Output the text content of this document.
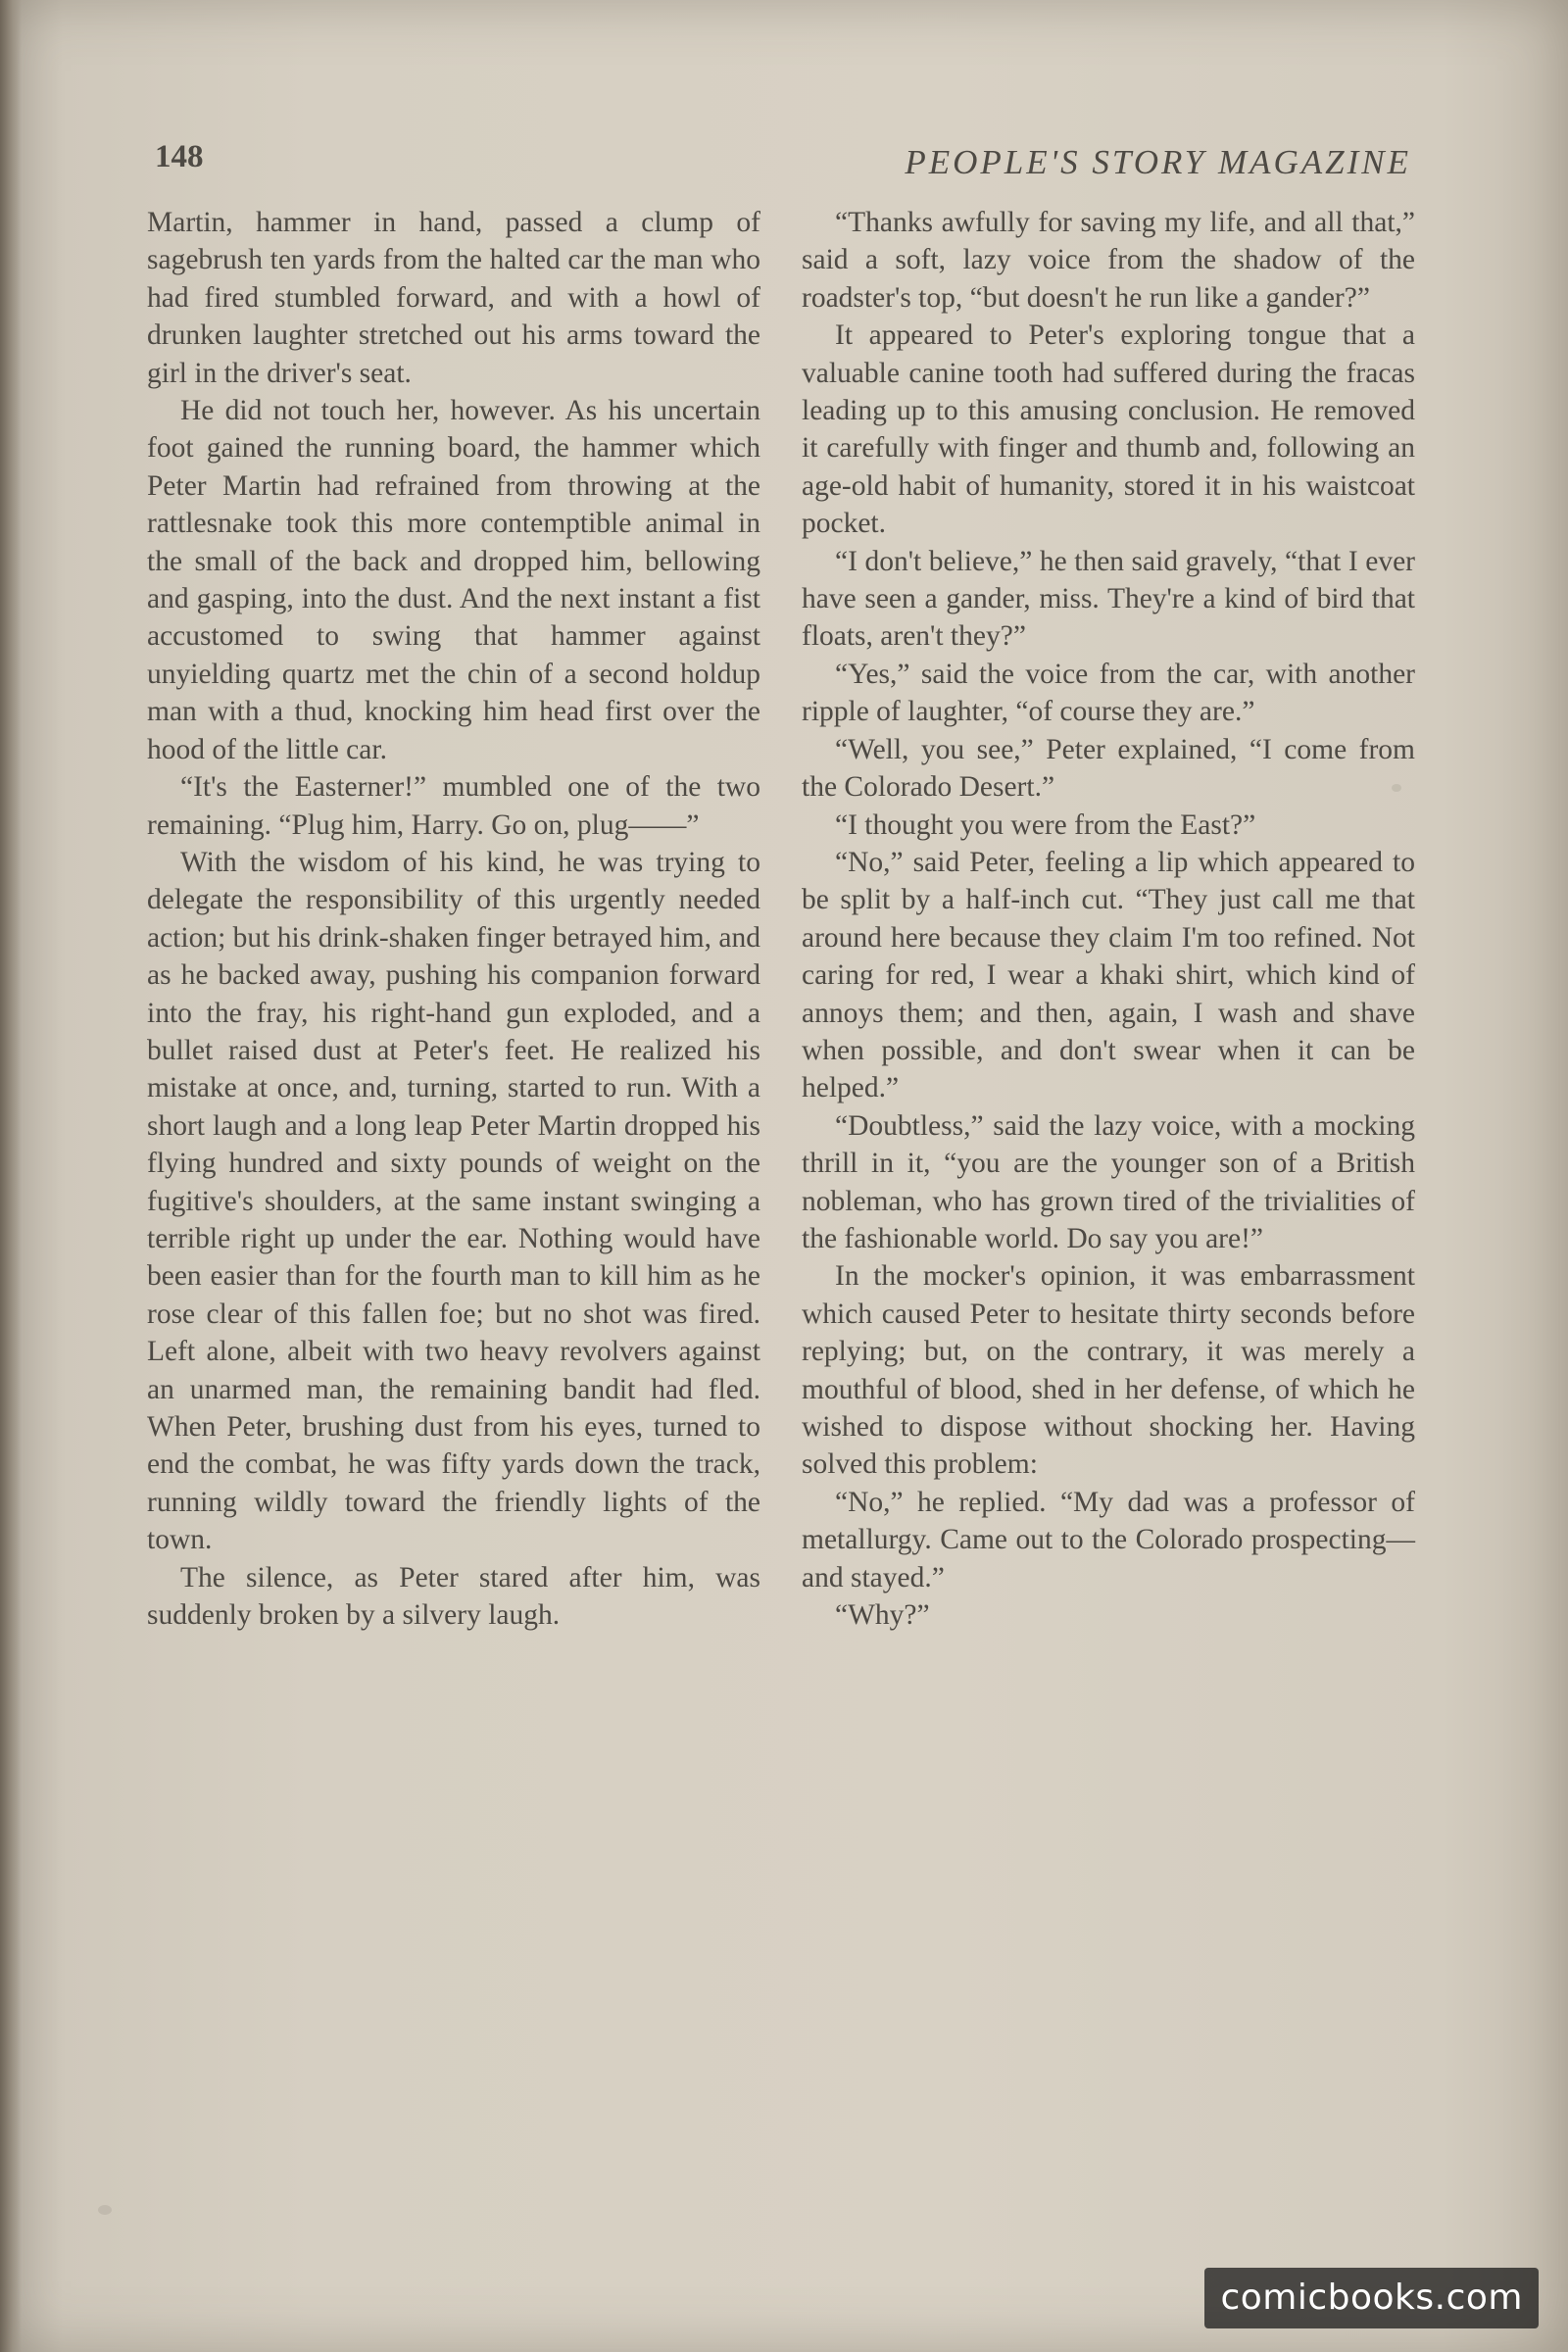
148	PEOPLE'S STORY MAGAZINE

Martin, hammer in hand, passed a clump of sagebrush ten yards from the halted car the man who had fired stumbled forward, and with a howl of drunken laughter stretched out his arms toward the girl in the driver's seat.

He did not touch her, however. As his uncertain foot gained the running board, the hammer which Peter Martin had refrained from throwing at the rattlesnake took this more contemptible animal in the small of the back and dropped him, bellowing and gasping, into the dust. And the next instant a fist accustomed to swing that hammer against unyielding quartz met the chin of a second holdup man with a thud, knocking him head first over the hood of the little car.

“It's the Easterner!” mumbled one of the two remaining. “Plug him, Harry. Go on, plug——”

With the wisdom of his kind, he was trying to delegate the responsibility of this urgently needed action; but his drink-shaken finger betrayed him, and as he backed away, pushing his companion forward into the fray, his right-hand gun exploded, and a bullet raised dust at Peter's feet. He realized his mistake at once, and, turning, started to run. With a short laugh and a long leap Peter Martin dropped his flying hundred and sixty pounds of weight on the fugitive's shoulders, at the same instant swinging a terrible right up under the ear. Nothing would have been easier than for the fourth man to kill him as he rose clear of this fallen foe; but no shot was fired. Left alone, albeit with two heavy revolvers against an unarmed man, the remaining bandit had fled. When Peter, brushing dust from his eyes, turned to end the combat, he was fifty yards down the track, running wildly toward the friendly lights of the town.

The silence, as Peter stared after him, was suddenly broken by a silvery laugh.

“Thanks awfully for saving my life, and all that,” said a soft, lazy voice from the shadow of the roadster's top, “but doesn't he run like a gander?”

It appeared to Peter's exploring tongue that a valuable canine tooth had suffered during the fracas leading up to this amusing conclusion. He removed it carefully with finger and thumb and, following an age-old habit of humanity, stored it in his waistcoat pocket.

“I don't believe,” he then said gravely, “that I ever have seen a gander, miss. They're a kind of bird that floats, aren't they?”

“Yes,” said the voice from the car, with another ripple of laughter, “of course they are.”

“Well, you see,” Peter explained, “I come from the Colorado Desert.”

“I thought you were from the East?”

“No,” said Peter, feeling a lip which appeared to be split by a half-inch cut. “They just call me that around here because they claim I'm too refined. Not caring for red, I wear a khaki shirt, which kind of annoys them; and then, again, I wash and shave when possible, and don't swear when it can be helped.”

“Doubtless,” said the lazy voice, with a mocking thrill in it, “you are the younger son of a British nobleman, who has grown tired of the trivialities of the fashionable world. Do say you are!”

In the mocker's opinion, it was embarrassment which caused Peter to hesitate thirty seconds before replying; but, on the contrary, it was merely a mouthful of blood, shed in her defense, of which he wished to dispose without shocking her. Having solved this problem:

“No,” he replied. “My dad was a professor of metallurgy. Came out to the Colorado prospecting—and stayed.”

“Why?”

comicbooks.com
